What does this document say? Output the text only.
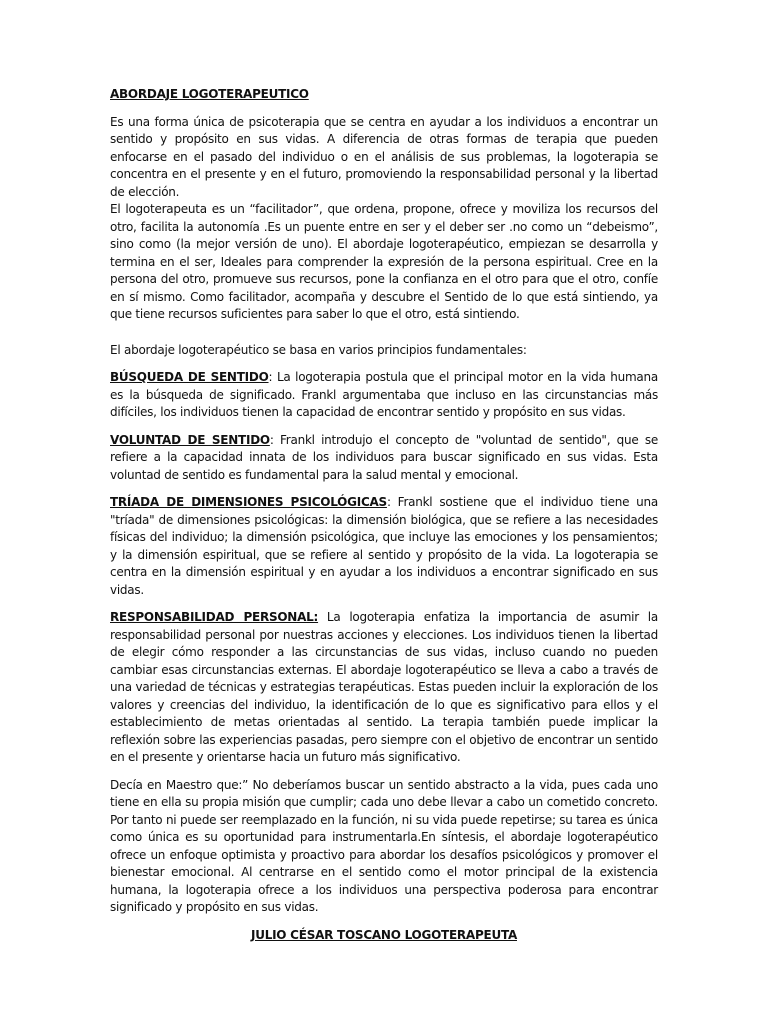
ABORDAJE LOGOTERAPEUTICO

Es una forma única de psicoterapia que se centra en ayudar a los individuos a encontrar un sentido y propósito en sus vidas. A diferencia de otras formas de terapia que pueden enfocarse en el pasado del individuo o en el análisis de sus problemas, la logoterapia se concentra en el presente y en el futuro, promoviendo la responsabilidad personal y la libertad de elección.

El logoterapeuta es un “facilitador”, que ordena, propone, ofrece y moviliza los recursos del otro, facilita la autonomía .Es un puente entre en ser y el deber ser .no como un “debeismo”, sino como (la mejor versión de uno). El abordaje logoterapéutico, empiezan se desarrolla y termina en el ser, Ideales para comprender la expresión de la persona espiritual. Cree en la persona del otro, promueve sus recursos, pone la confianza en el otro para que el otro, confíe en sí mismo. Como facilitador, acompaña y descubre el Sentido de lo que está sintiendo, ya que tiene recursos suficientes para saber lo que el otro, está sintiendo.

El abordaje logoterapéutico se basa en varios principios fundamentales:

BÚSQUEDA DE SENTIDO: La logoterapia postula que el principal motor en la vida humana es la búsqueda de significado. Frankl argumentaba que incluso en las circunstancias más difíciles, los individuos tienen la capacidad de encontrar sentido y propósito en sus vidas.

VOLUNTAD DE SENTIDO: Frankl introdujo el concepto de "voluntad de sentido", que se refiere a la capacidad innata de los individuos para buscar significado en sus vidas. Esta voluntad de sentido es fundamental para la salud mental y emocional.

TRÍADA DE DIMENSIONES PSICOLÓGICAS: Frankl sostiene que el individuo tiene una "tríada" de dimensiones psicológicas: la dimensión biológica, que se refiere a las necesidades físicas del individuo; la dimensión psicológica, que incluye las emociones y los pensamientos; y la dimensión espiritual, que se refiere al sentido y propósito de la vida. La logoterapia se centra en la dimensión espiritual y en ayudar a los individuos a encontrar significado en sus vidas.

RESPONSABILIDAD PERSONAL: La logoterapia enfatiza la importancia de asumir la responsabilidad personal por nuestras acciones y elecciones. Los individuos tienen la libertad de elegir cómo responder a las circunstancias de sus vidas, incluso cuando no pueden cambiar esas circunstancias externas. El abordaje logoterapéutico se lleva a cabo a través de una variedad de técnicas y estrategias terapéuticas. Estas pueden incluir la exploración de los valores y creencias del individuo, la identificación de lo que es significativo para ellos y el establecimiento de metas orientadas al sentido. La terapia también puede implicar la reflexión sobre las experiencias pasadas, pero siempre con el objetivo de encontrar un sentido en el presente y orientarse hacia un futuro más significativo.

Decía en Maestro que:” No deberíamos buscar un sentido abstracto a la vida, pues cada uno tiene en ella su propia misión que cumplir; cada uno debe llevar a cabo un cometido concreto. Por tanto ni puede ser reemplazado en la función, ni su vida puede repetirse; su tarea es única como única es su oportunidad para instrumentarla.En síntesis, el abordaje logoterapéutico ofrece un enfoque optimista y proactivo para abordar los desafíos psicológicos y promover el bienestar emocional. Al centrarse en el sentido como el motor principal de la existencia humana, la logoterapia ofrece a los individuos una perspectiva poderosa para encontrar significado y propósito en sus vidas.

JULIO CÉSAR TOSCANO LOGOTERAPEUTA
